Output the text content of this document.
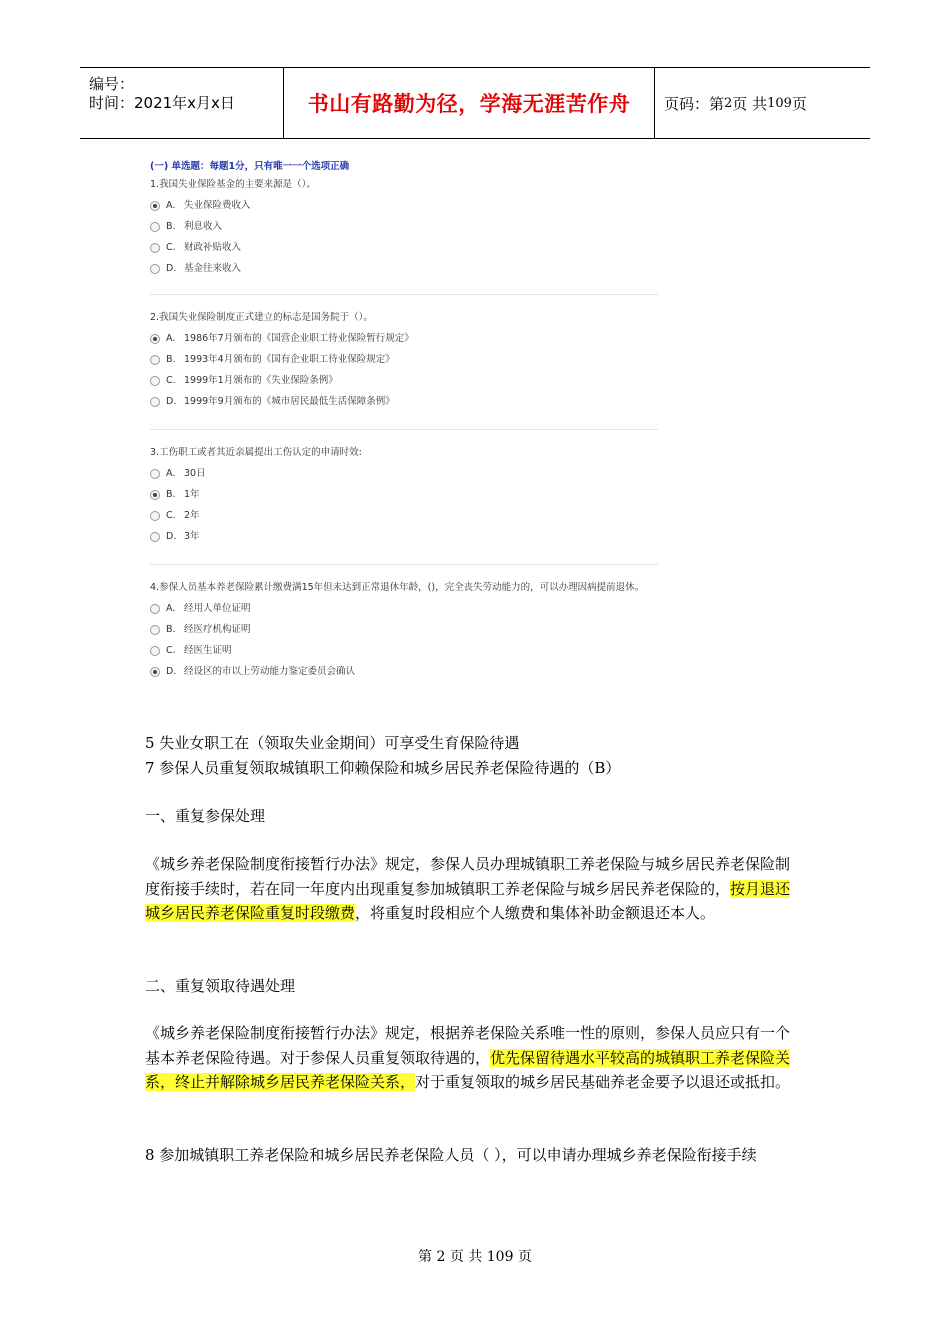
编号：
时间：2021年x月x日	书山有路勤为径，学海无涯苦作舟 页码：第 2 页 共 109 页
(一) 单选题：每题1分，只有唯一一个选项正确
1.我国失业保险基金的主要来源是（）。
A. 失业保险费收入
B. 利息收入
C. 财政补贴收入
D. 基金往来收入
2.我国失业保险制度正式建立的标志是国务院于（）。
A. 1986年7月颁布的《国营企业职工待业保险暂行规定》
B. 1993年4月颁布的《国有企业职工待业保险规定》
C. 1999年1月颁布的《失业保险条例》
D. 1999年9月颁布的《城市居民最低生活保障条例》
3.工伤职工或者其近亲属提出工伤认定的申请时效:
A. 30日
B. 1年
C. 2年
D. 3年
4.参保人员基本养老保险累计缴费满15年但未达到正常退休年龄，()，完全丧失劳动能力的，可以办理因病提前退休。
A. 经用人单位证明
B. 经医疗机构证明
C. 经医生证明
D. 经设区的市以上劳动能力鉴定委员会确认
5 失业女职工在（领取失业金期间）可享受生育保险待遇
7 参保人员重复领取城镇职工仰赖保险和城乡居民养老保险待遇的（B）
一、重复参保处理
《城乡养老保险制度衔接暂行办法》规定，参保人员办理城镇职工养老保险与城乡居民养老保险制度衔接手续时，若在同一年度内出现重复参加城镇职工养老保险与城乡居民养老保险的，按月退还城乡居民养老保险重复时段缴费，将重复时段相应个人缴费和集体补助金额退还本人。
二、重复领取待遇处理
《城乡养老保险制度衔接暂行办法》规定，根据养老保险关系唯一性的原则，参保人员应只有一个基本养老保险待遇。对于参保人员重复领取待遇的，优先保留待遇水平较高的城镇职工养老保险关系，终止并解除城乡居民养老保险关系，对于重复领取的城乡居民基础养老金要予以退还或抵扣。
8 参加城镇职工养老保险和城乡居民养老保险人员（ ），可以申请办理城乡养老保险衔接手续
第 2 页 共 109 页
